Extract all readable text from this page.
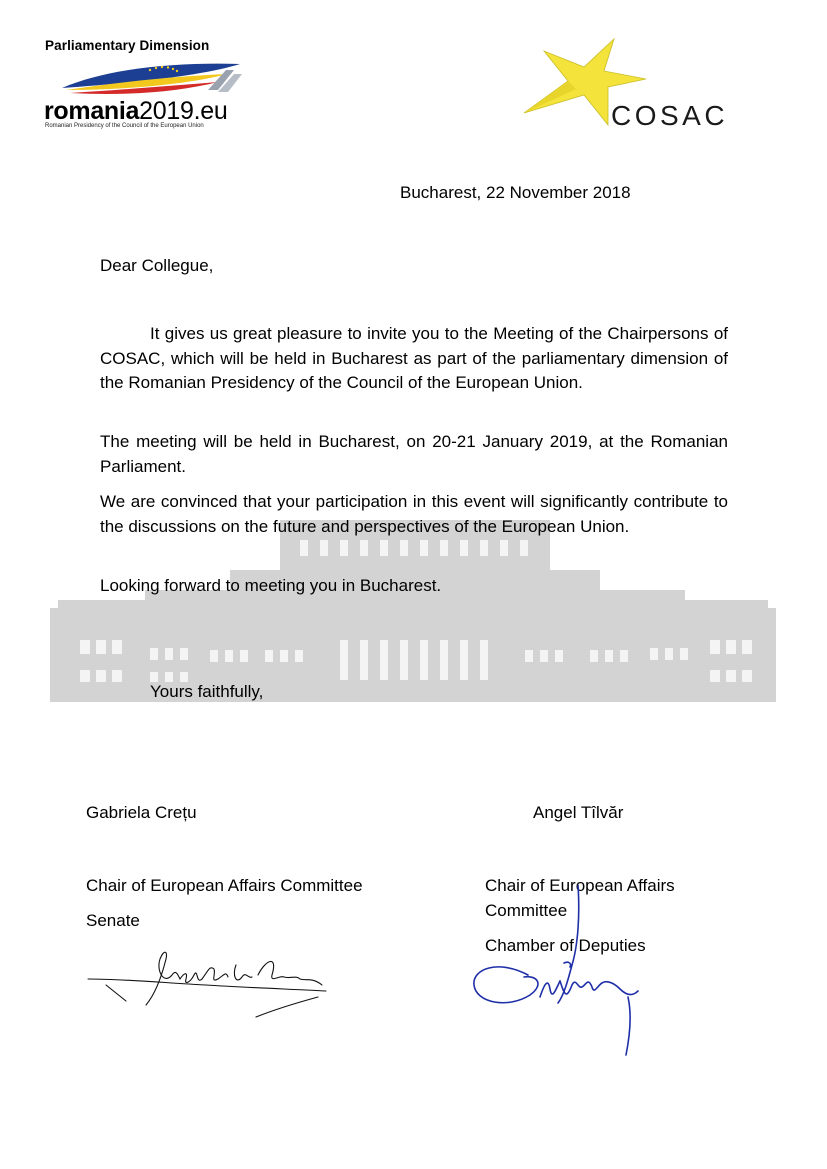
Parliamentary Dimension
romania2019.eu
Romanian Presidency of the Council of the European Union	COSAC
Bucharest, 22 November 2018
Dear Collegue,
It gives us great pleasure to invite you to the Meeting of the Chairpersons of COSAC, which will be held in Bucharest as part of the parliamentary dimension of the Romanian Presidency of the Council of the European Union.
The meeting will be held in Bucharest, on 20-21 January 2019, at the Romanian Parliament.
We are convinced that your participation in this event will significantly contribute to the discussions on the future and perspectives of the European Union.
Looking forward to meeting you in Bucharest.
Yours faithfully,
Gabriela Crețu	Angel Tîlvăr
Chair of European Affairs Committee
Senate
Chair of European Affairs Committee
Chamber of Deputies
